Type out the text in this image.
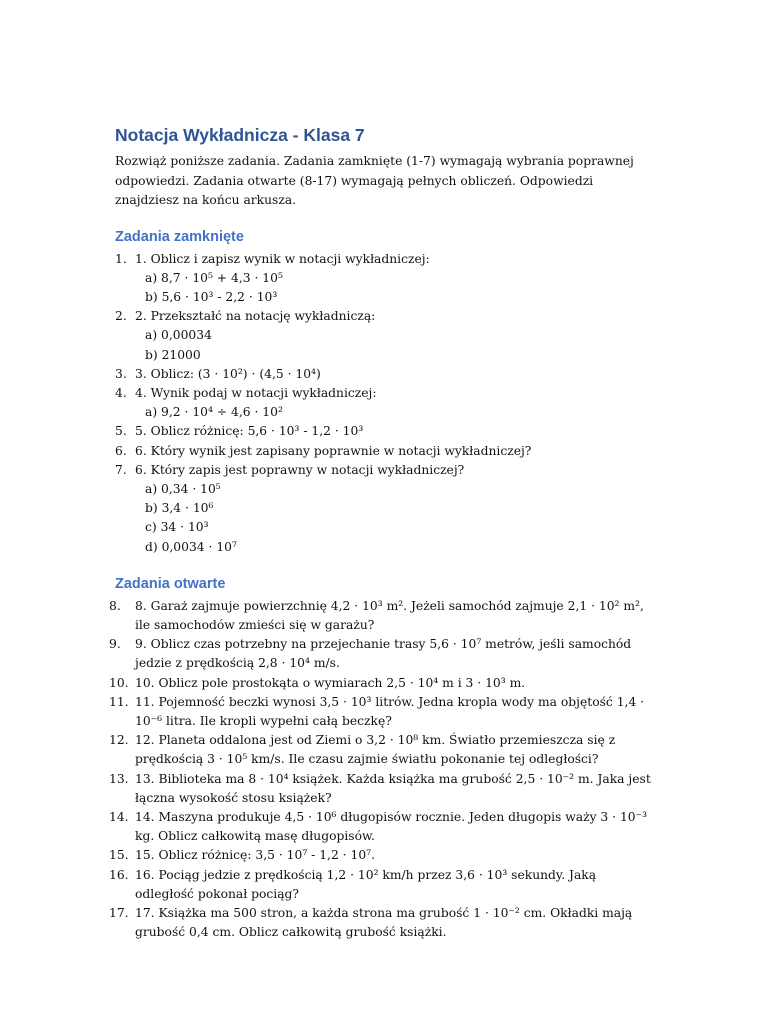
Notacja Wykładnicza - Klasa 7

Rozwiąż poniższe zadania. Zadania zamknięte (1-7) wymagają wybrania poprawnej odpowiedzi. Zadania otwarte (8-17) wymagają pełnych obliczeń. Odpowiedzi znajdziesz na końcu arkusza.

Zadania zamknięte
1. 1. Oblicz i zapisz wynik w notacji wykładniczej:
a) 8,7 · 10⁵ + 4,3 · 10⁵
b) 5,6 · 10³ - 2,2 · 10³
2. 2. Przekształć na notację wykładniczą:
a) 0,00034
b) 21000
3. 3. Oblicz: (3 · 10²) · (4,5 · 10⁴)
4. 4. Wynik podaj w notacji wykładniczej:
a) 9,2 · 10⁴ ÷ 4,6 · 10²
5. 5. Oblicz różnicę: 5,6 · 10³ - 1,2 · 10³
6. 6. Który wynik jest zapisany poprawnie w notacji wykładniczej?
7. 6. Który zapis jest poprawny w notacji wykładniczej?
a) 0,34 · 10⁵
b) 3,4 · 10⁶
c) 34 · 10³
d) 0,0034 · 10⁷
Zadania otwarte
8. 8. Garaż zajmuje powierzchnię 4,2 · 10³ m². Jeżeli samochód zajmuje 2,1 · 10² m², ile samochodów zmieści się w garażu?
9. 9. Oblicz czas potrzebny na przejechanie trasy 5,6 · 10⁷ metrów, jeśli samochód jedzie z prędkością 2,8 · 10⁴ m/s.
10. 10. Oblicz pole prostokąta o wymiarach 2,5 · 10⁴ m i 3 · 10³ m.
11. 11. Pojemność beczki wynosi 3,5 · 10³ litrów. Jedna kropla wody ma objętość 1,4 · 10⁻⁶ litra. Ile kropli wypełni całą beczkę?
12. 12. Planeta oddalona jest od Ziemi o 3,2 · 10⁸ km. Światło przemieszcza się z prędkością 3 · 10⁵ km/s. Ile czasu zajmie światłu pokonanie tej odległości?
13. 13. Biblioteka ma 8 · 10⁴ książek. Każda książka ma grubość 2,5 · 10⁻² m. Jaka jest łączna wysokość stosu książek?
14. 14. Maszyna produkuje 4,5 · 10⁶ długopisów rocznie. Jeden długopis waży 3 · 10⁻³ kg. Oblicz całkowitą masę długopisów.
15. 15. Oblicz różnicę: 3,5 · 10⁷ - 1,2 · 10⁷.
16. 16. Pociąg jedzie z prędkością 1,2 · 10² km/h przez 3,6 · 10³ sekundy. Jaką odległość pokonał pociąg?
17. 17. Książka ma 500 stron, a każda strona ma grubość 1 · 10⁻² cm. Okładki mają grubość 0,4 cm. Oblicz całkowitą grubość książki.
